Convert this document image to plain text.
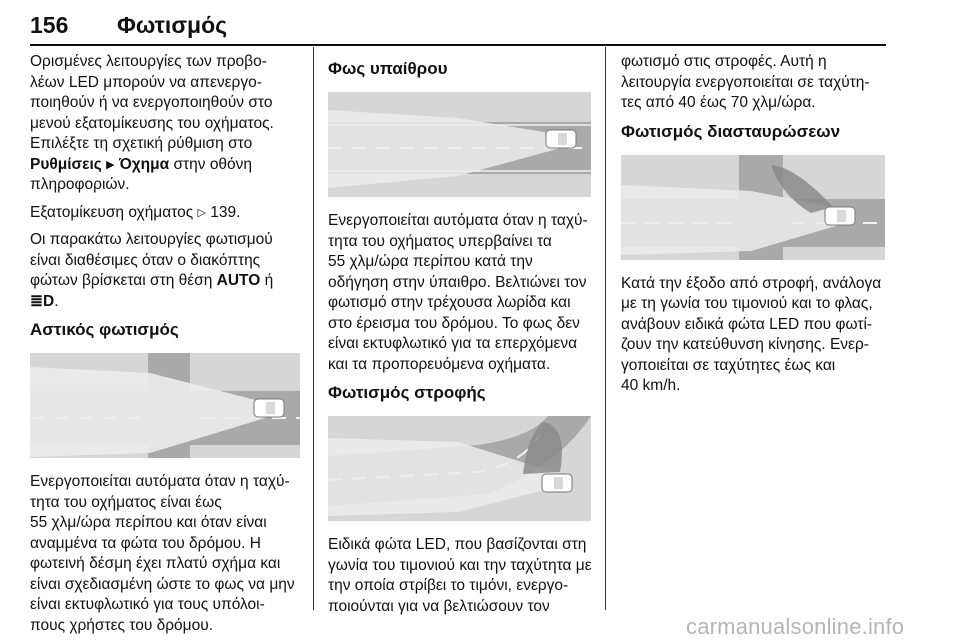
156 Φωτισμός

Ορισμένες λειτουργίες των προβο-
λέων LED μπορούν να απενεργο-
ποιηθούν ή να ενεργοποιηθούν στο
μενού εξατομίκευσης του οχήματος.
Επιλέξτε τη σχετική ρύθμιση στο
Ρυθμίσεις ▶ Όχημα στην οθόνη
πληροφοριών.

Εξατομίκευση οχήματος ▷ 139.

Οι παρακάτω λειτουργίες φωτισμού
είναι διαθέσιμες όταν ο διακόπτης
φώτων βρίσκεται στη θέση AUTO ή
≣D.

Αστικός φωτισμός

Ενεργοποιείται αυτόματα όταν η ταχύ-
τητα του οχήματος είναι έως
55 χλμ/ώρα περίπου και όταν είναι
αναμμένα τα φώτα του δρόμου. Η
φωτεινή δέσμη έχει πλατύ σχήμα και
είναι σχεδιασμένη ώστε το φως να μην
είναι εκτυφλωτικό για τους υπόλοι-
πους χρήστες του δρόμου.

Φως υπαίθρου

Ενεργοποιείται αυτόματα όταν η ταχύ-
τητα του οχήματος υπερβαίνει τα
55 χλμ/ώρα περίπου κατά την
οδήγηση στην ύπαιθρο. Βελτιώνει τον
φωτισμό στην τρέχουσα λωρίδα και
στο έρεισμα του δρόμου. Το φως δεν
είναι εκτυφλωτικό για τα επερχόμενα
και τα προπορευόμενα οχήματα.

Φωτισμός στροφής

Ειδικά φώτα LED, που βασίζονται στη
γωνία του τιμονιού και την ταχύτητα με
την οποία στρίβει το τιμόνι, ενεργο-
ποιούνται για να βελτιώσουν τον

φωτισμό στις στροφές. Αυτή η
λειτουργία ενεργοποιείται σε ταχύτη-
τες από 40 έως 70 χλμ/ώρα.

Φωτισμός διασταυρώσεων

Κατά την έξοδο από στροφή, ανάλογα
με τη γωνία του τιμονιού και το φλας,
ανάβουν ειδικά φώτα LED που φωτί-
ζουν την κατεύθυνση κίνησης. Ενερ-
γοποιείται σε ταχύτητες έως και
40 km/h.

carmanualsonline.info
